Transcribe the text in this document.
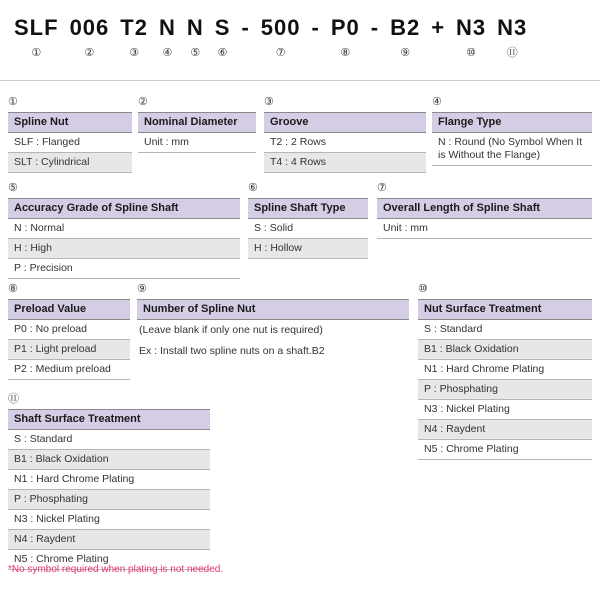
SLF
①
006
②
T2
③
N
④
N
⑤
S
⑥
- 500
⑦
- P0
⑧
- B2
⑨
+ N3
⑩
N3
⑪
①
Spline Nut
SLF : Flanged
SLT : Cylindrical
②
Nominal Diameter
Unit : mm
③
Groove
T2 : 2 Rows
T4 : 4 Rows
④
Flange Type
N : Round (No Symbol When It is Without the Flange)
⑤
Accuracy Grade of Spline Shaft
N : Normal
H : High
P : Precision
⑥
Spline Shaft Type
S : Solid
H : Hollow
⑦
Overall Length of Spline Shaft
Unit : mm
⑧
Preload Value
P0 : No preload
P1 : Light preload
P2 : Medium preload
⑨
Number of Spline Nut
(Leave blank if only one nut is required)
Ex : Install two spline nuts on a shaft.B2
⑩
Nut Surface Treatment
S : Standard
B1 : Black Oxidation
N1 : Hard Chrome Plating
P : Phosphating
N3 : Nickel Plating
N4 : Raydent
N5 : Chrome Plating
⑪
Shaft Surface Treatment
S : Standard
B1 : Black Oxidation
N1 : Hard Chrome Plating
P : Phosphating
N3 : Nickel Plating
N4 : Raydent
N5 : Chrome Plating
*No symbol required when plating is not needed.
